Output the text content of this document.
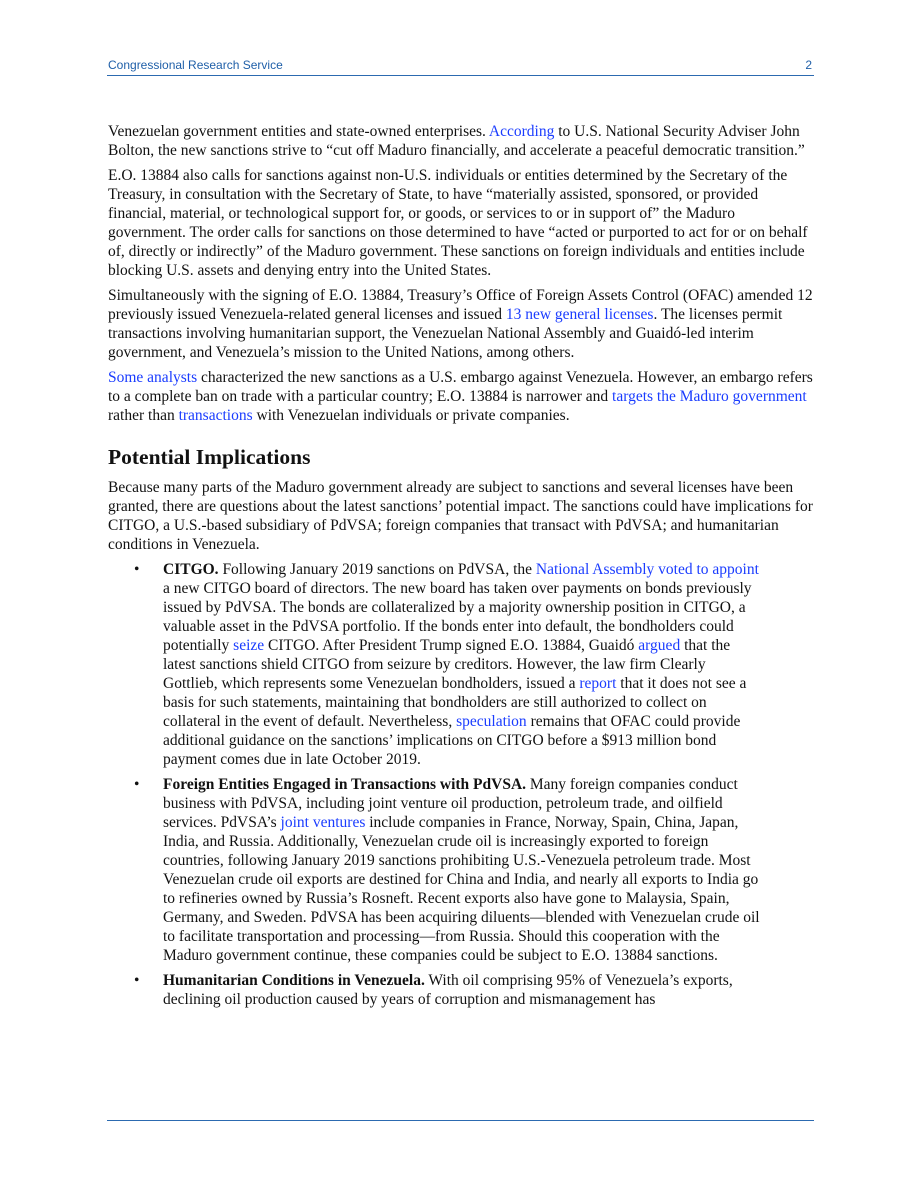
Congressional Research Service	2

Venezuelan government entities and state-owned enterprises. According to U.S. National Security Adviser John Bolton, the new sanctions strive to “cut off Maduro financially, and accelerate a peaceful democratic transition.”

E.O. 13884 also calls for sanctions against non-U.S. individuals or entities determined by the Secretary of the Treasury, in consultation with the Secretary of State, to have “materially assisted, sponsored, or provided financial, material, or technological support for, or goods, or services to or in support of” the Maduro government. The order calls for sanctions on those determined to have “acted or purported to act for or on behalf of, directly or indirectly” of the Maduro government. These sanctions on foreign individuals and entities include blocking U.S. assets and denying entry into the United States.

Simultaneously with the signing of E.O. 13884, Treasury’s Office of Foreign Assets Control (OFAC) amended 12 previously issued Venezuela-related general licenses and issued 13 new general licenses. The licenses permit transactions involving humanitarian support, the Venezuelan National Assembly and Guaidó-led interim government, and Venezuela’s mission to the United Nations, among others.

Some analysts characterized the new sanctions as a U.S. embargo against Venezuela. However, an embargo refers to a complete ban on trade with a particular country; E.O. 13884 is narrower and targets the Maduro government rather than transactions with Venezuelan individuals or private companies.

Potential Implications

Because many parts of the Maduro government already are subject to sanctions and several licenses have been granted, there are questions about the latest sanctions’ potential impact. The sanctions could have implications for CITGO, a U.S.-based subsidiary of PdVSA; foreign companies that transact with PdVSA; and humanitarian conditions in Venezuela.

• CITGO. Following January 2019 sanctions on PdVSA, the National Assembly voted to appoint a new CITGO board of directors. The new board has taken over payments on bonds previously issued by PdVSA. The bonds are collateralized by a majority ownership position in CITGO, a valuable asset in the PdVSA portfolio. If the bonds enter into default, the bondholders could potentially seize CITGO. After President Trump signed E.O. 13884, Guaidó argued that the latest sanctions shield CITGO from seizure by creditors. However, the law firm Clearly Gottlieb, which represents some Venezuelan bondholders, issued a report that it does not see a basis for such statements, maintaining that bondholders are still authorized to collect on collateral in the event of default. Nevertheless, speculation remains that OFAC could provide additional guidance on the sanctions’ implications on CITGO before a $913 million bond payment comes due in late October 2019.
• Foreign Entities Engaged in Transactions with PdVSA. Many foreign companies conduct business with PdVSA, including joint venture oil production, petroleum trade, and oilfield services. PdVSA’s joint ventures include companies in France, Norway, Spain, China, Japan, India, and Russia. Additionally, Venezuelan crude oil is increasingly exported to foreign countries, following January 2019 sanctions prohibiting U.S.-Venezuela petroleum trade. Most Venezuelan crude oil exports are destined for China and India, and nearly all exports to India go to refineries owned by Russia’s Rosneft. Recent exports also have gone to Malaysia, Spain, Germany, and Sweden. PdVSA has been acquiring diluents—blended with Venezuelan crude oil to facilitate transportation and processing—from Russia. Should this cooperation with the Maduro government continue, these companies could be subject to E.O. 13884 sanctions.
• Humanitarian Conditions in Venezuela. With oil comprising 95% of Venezuela’s exports, declining oil production caused by years of corruption and mismanagement has
